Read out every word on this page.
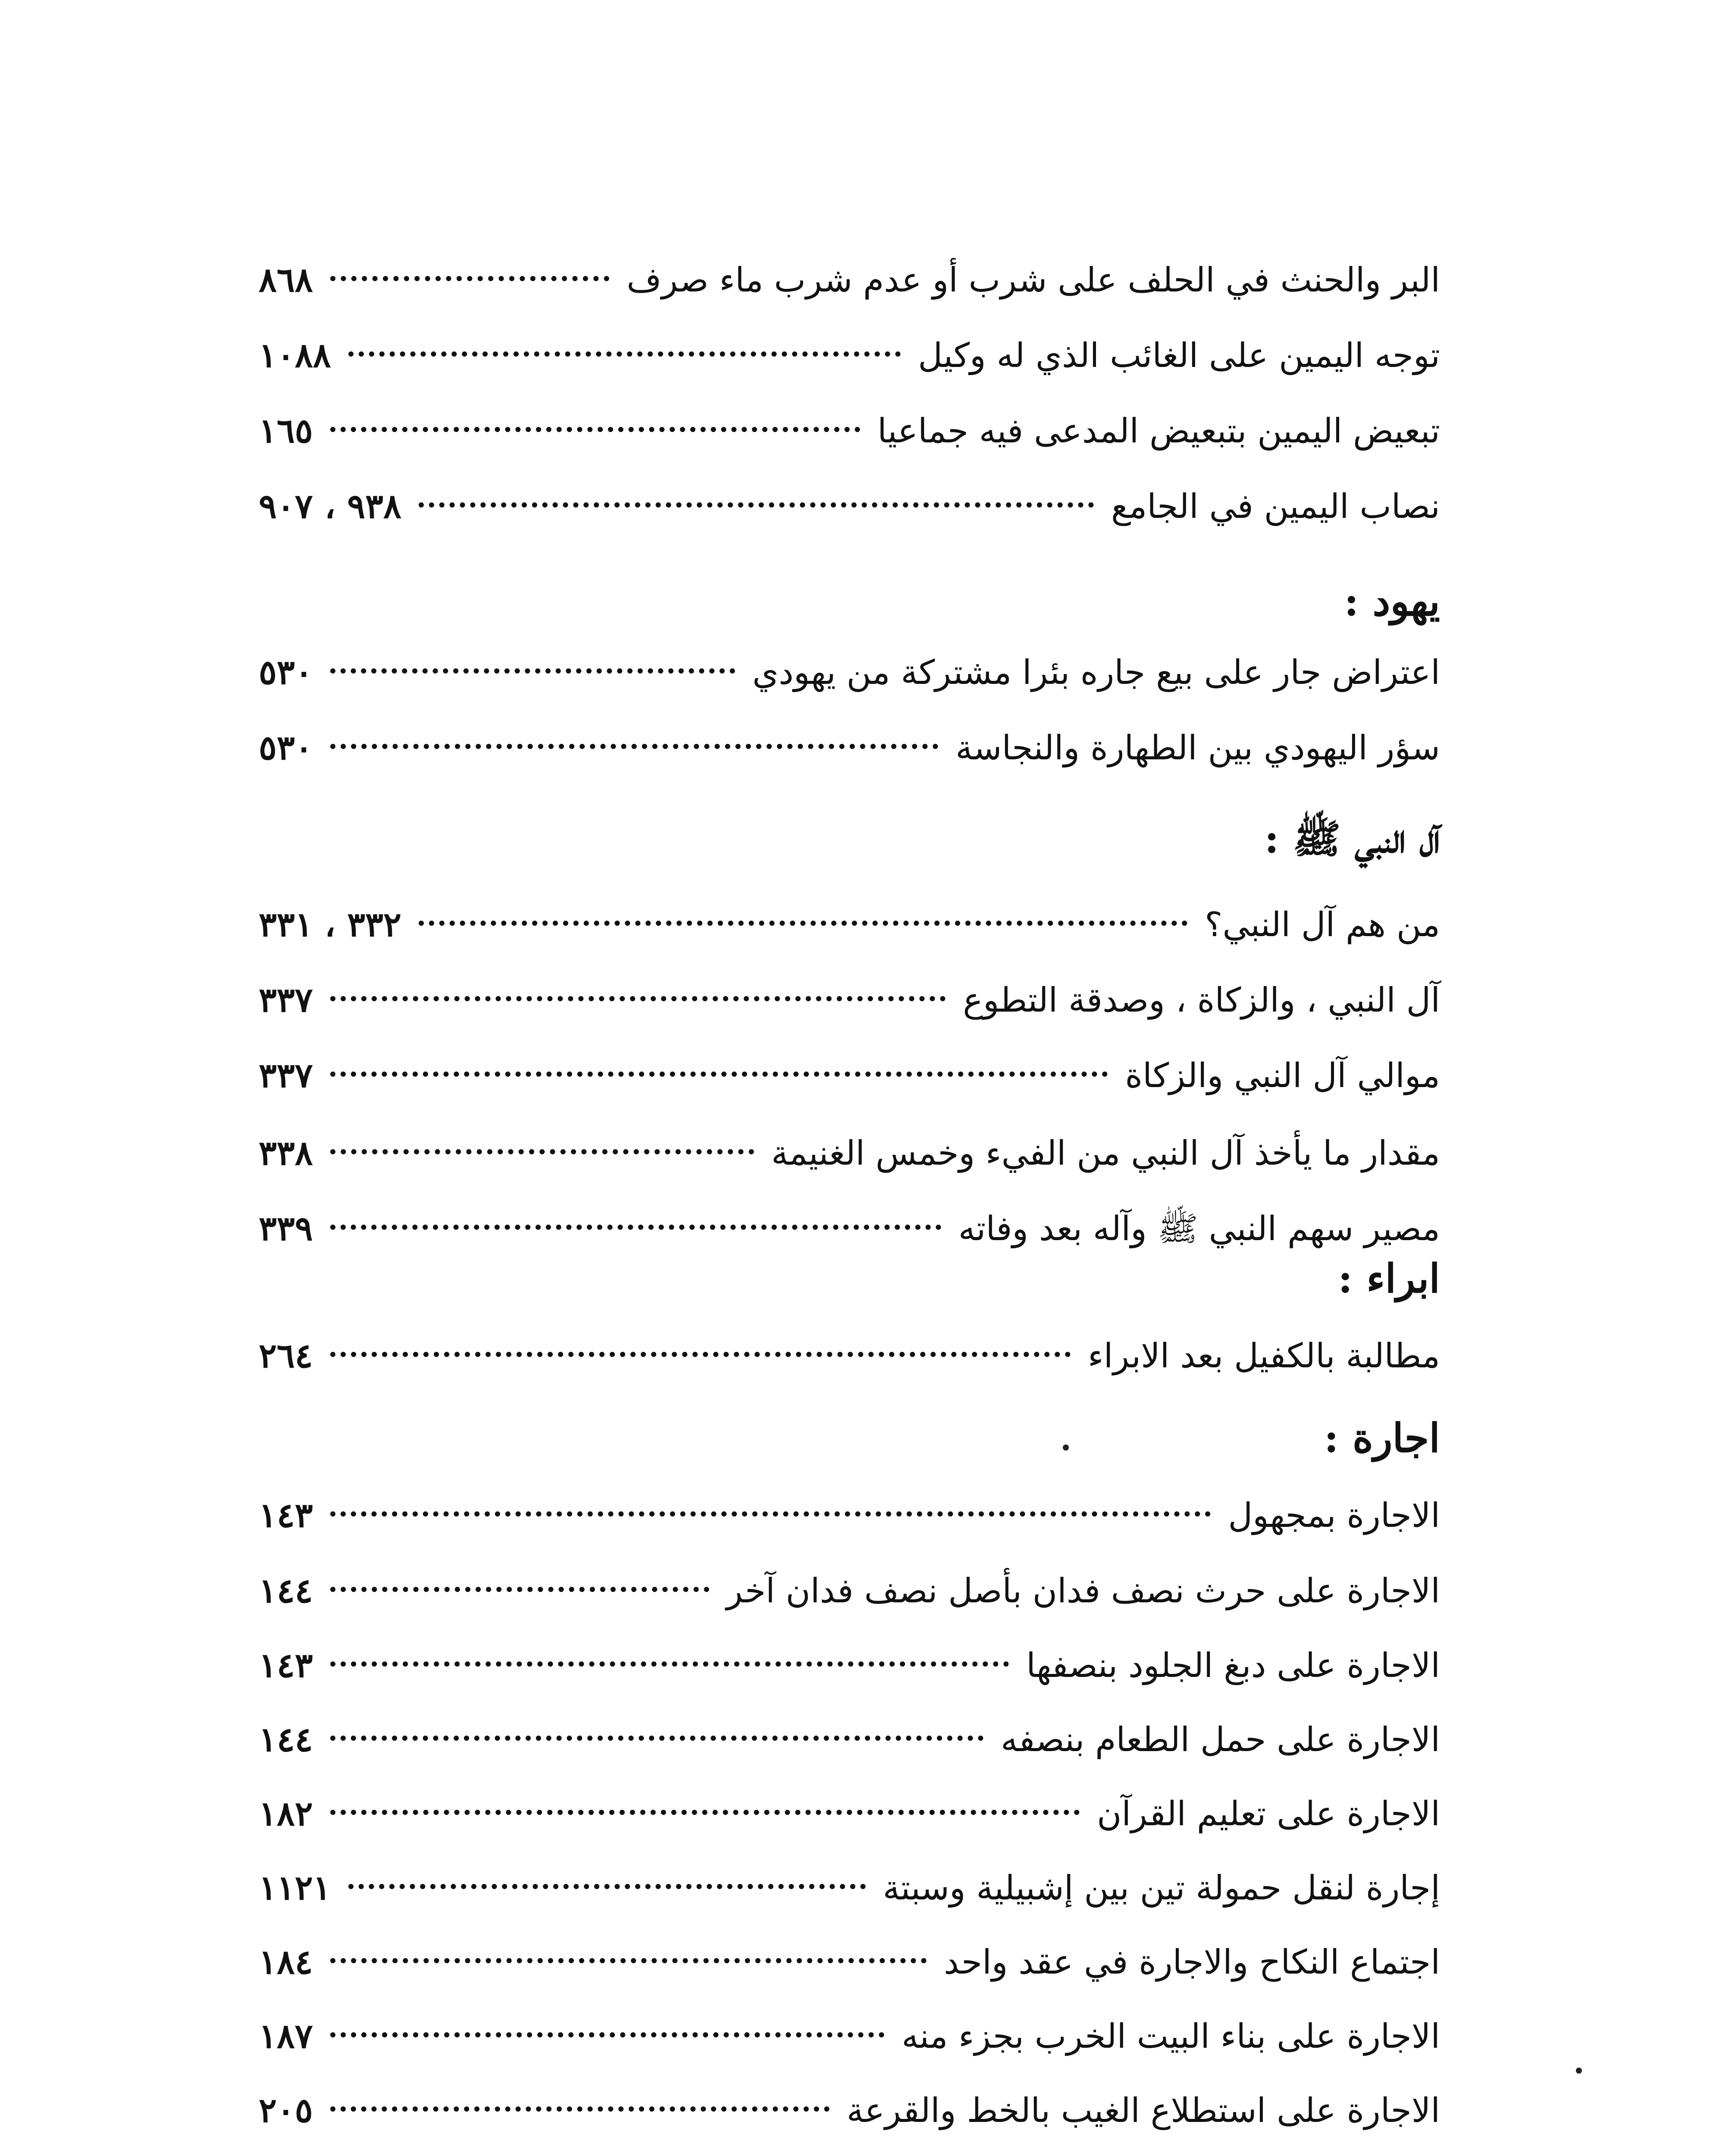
البر والحنث في الحلف على شرب أو عدم شرب ماء صرف
٨٦٨
توجه اليمين على الغائب الذي له وكيل
١٠٨٨
تبعيض اليمين بتبعيض المدعى فيه جماعيا
١٦٥
نصاب اليمين في الجامع
٩٣٨ ، ٩٠٧
يهود :
اعتراض جار على بيع جاره بئرا مشتركة من يهودي
٥٣٠
سؤر اليهودي بين الطهارة والنجاسة
٥٣٠
آل النبي ﷺ :
من هم آل النبي؟
٣٣٢ ، ٣٣١
آل النبي ، والزكاة ، وصدقة التطوع
٣٣٧
موالي آل النبي والزكاة
٣٣٧
مقدار ما يأخذ آل النبي من الفيء وخمس الغنيمة
٣٣٨
مصير سهم النبي ﷺ وآله بعد وفاته
٣٣٩
ابراء :
مطالبة بالكفيل بعد الابراء
٢٦٤
اجارة :
الاجارة بمجهول
١٤٣
الاجارة على حرث نصف فدان بأصل نصف فدان آخر
١٤٤
الاجارة على دبغ الجلود بنصفها
١٤٣
الاجارة على حمل الطعام بنصفه
١٤٤
الاجارة على تعليم القرآن
١٨٢
إجارة لنقل حمولة تين بين إشبيلية وسبتة
١١٢١
اجتماع النكاح والاجارة في عقد واحد
١٨٤
الاجارة على بناء البيت الخرب بجزء منه
١٨٧
الاجارة على استطلاع الغيب بالخط والقرعة
٢٠٥
